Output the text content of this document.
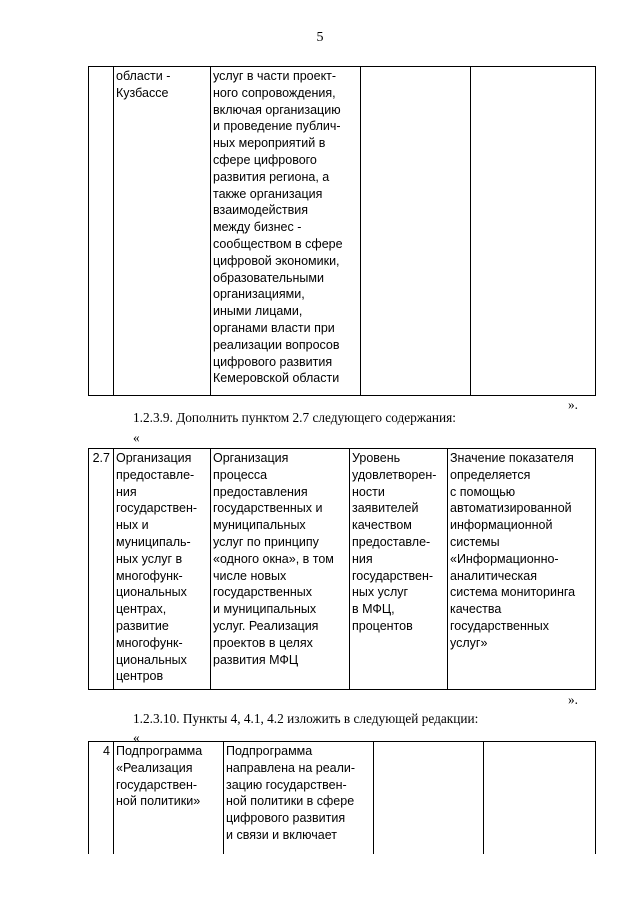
5
	области -
Кузбассе	услуг в части проект-
ного сопровождения,
включая организацию
и проведение публич-
ных мероприятий в
сфере цифрового
развития региона, а
также организация
взаимодействия
между бизнес -
сообществом в сфере
цифровой экономики,
образовательными
организациями,
иными лицами,
органами власти при
реализации вопросов
цифрового развития
Кемеровской области		
».
1.2.3.9. Дополнить пунктом 2.7 следующего содержания:
«
2.7	Организация
предоставле-
ния
государствен-
ных и
муниципаль-
ных услуг в
многофунк-
циональных
центрах,
развитие
многофунк-
циональных
центров	Организация
процесса
предоставления
государственных и
муниципальных
услуг по принципу
«одного окна», в том
числе новых
государственных
и муниципальных
услуг. Реализация
проектов в целях
развития МФЦ	Уровень
удовлетворен-
ности
заявителей
качеством
предоставле-
ния
государствен-
ных услуг
в МФЦ,
процентов	Значение показателя
определяется
с помощью
автоматизированной
информационной
системы
«Информационно-
аналитическая
система мониторинга
качества
государственных
услуг»
».
1.2.3.10. Пункты 4, 4.1, 4.2 изложить в следующей редакции:
«
4	Подпрограмма
«Реализация
государствен-
ной политики»	Подпрограмма
направлена на реали-
зацию государствен-
ной политики в сфере
цифрового развития
и связи и включает		
